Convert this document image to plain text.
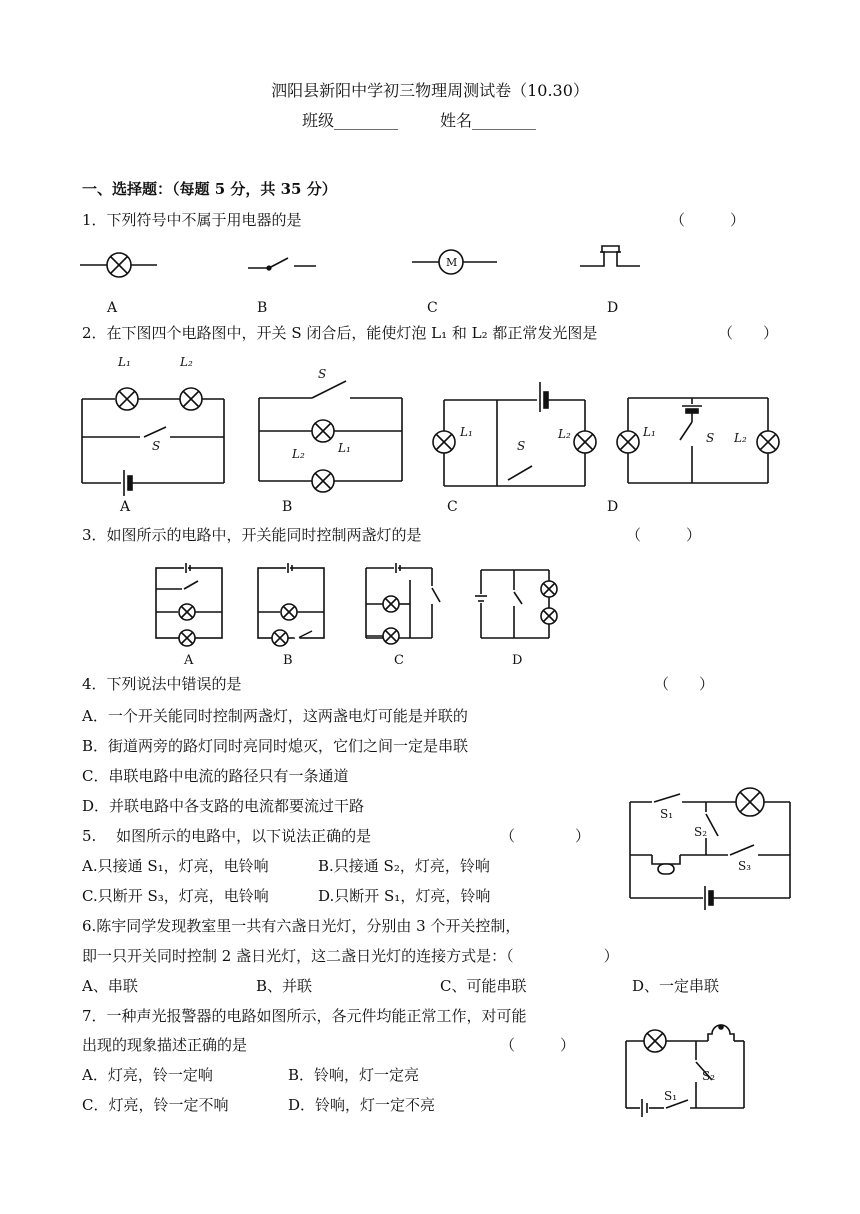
泗阳县新阳中学初三物理周测试卷（10.30）
班级________	姓名________
一、选择题：（每题 5 分，共 35 分）
1．下列符号中不属于用电器的是	（　　　）
M
A	B	C	D
2．在下图四个电路图中，开关 S 闭合后，能使灯泡 L₁ 和 L₂ 都正常发光图是	（　　）
L₁	L₂
S
S
L₁
L₂
L₁	L₂
S
L₁	S L₂
A	B	C	D
3．如图所示的电路中，开关能同时控制两盏灯的是	（　　　）
A	B	C	D
4．下列说法中错误的是	（　　）
A．一个开关能同时控制两盏灯，这两盏电灯可能是并联的
B．街道两旁的路灯同时亮同时熄灭，它们之间一定是串联
C．串联电路中电流的路径只有一条通道
D．并联电路中各支路的电流都要流过干路
5.　 如图所示的电路中，以下说法正确的是	（　　　　）
A.只接通 S₁，灯亮，电铃响	B.只接通 S₂，灯亮，铃响
C.只断开 S₃，灯亮，电铃响	D.只断开 S₁，灯亮，铃响
S₁
S₂
S₃
6.陈宇同学发现教室里一共有六盏日光灯，分别由 3 个开关控制，
即一只开关同时控制 2 盏日光灯，这二盏日光灯的连接方式是：（　　　　　　）
A、串联	B、并联	C、可能串联	D、一定串联
7．一种声光报警器的电路如图所示，各元件均能正常工作，对可能
出现的现象描述正确的是	（　　　）
A．灯亮，铃一定响	B．铃响，灯一定亮
C．灯亮，铃一定不响	D．铃响，灯一定不亮
S₂
S₁
